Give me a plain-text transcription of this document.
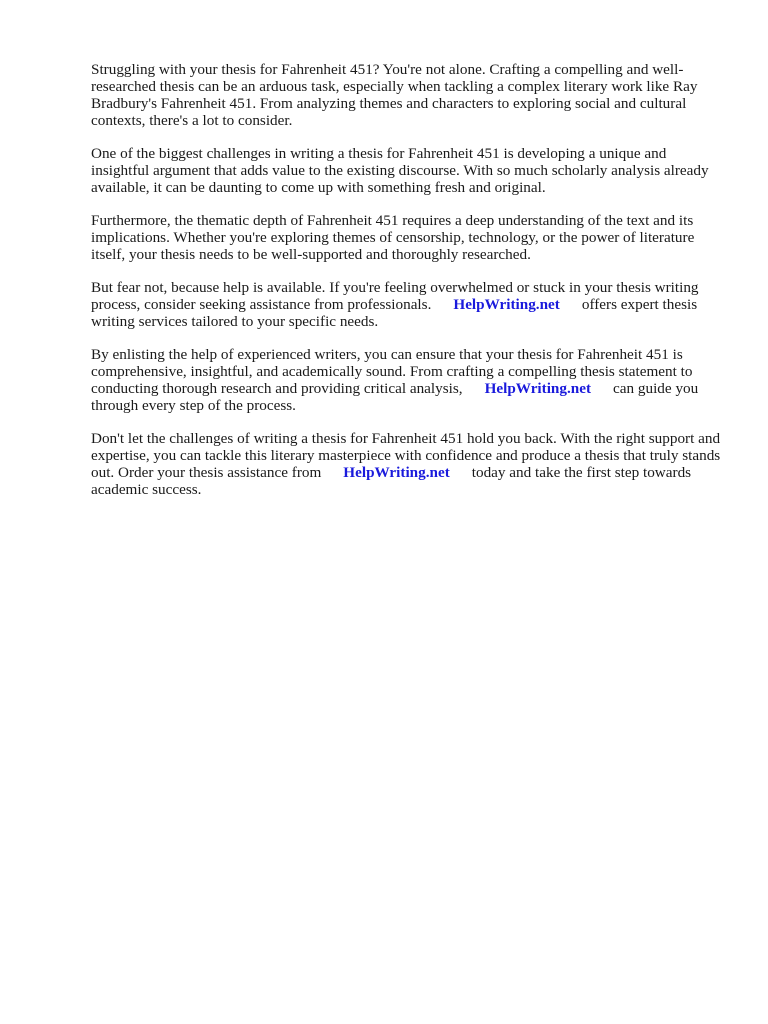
Struggling with your thesis for Fahrenheit 451? You're not alone. Crafting a compelling and well-researched thesis can be an arduous task, especially when tackling a complex literary work like Ray Bradbury's Fahrenheit 451. From analyzing themes and characters to exploring social and cultural contexts, there's a lot to consider.

One of the biggest challenges in writing a thesis for Fahrenheit 451 is developing a unique and insightful argument that adds value to the existing discourse. With so much scholarly analysis already available, it can be daunting to come up with something fresh and original.

Furthermore, the thematic depth of Fahrenheit 451 requires a deep understanding of the text and its implications. Whether you're exploring themes of censorship, technology, or the power of literature itself, your thesis needs to be well-supported and thoroughly researched.

But fear not, because help is available. If you're feeling overwhelmed or stuck in your thesis writing process, consider seeking assistance from professionals. HelpWriting.net offers expert thesis writing services tailored to your specific needs.

By enlisting the help of experienced writers, you can ensure that your thesis for Fahrenheit 451 is comprehensive, insightful, and academically sound. From crafting a compelling thesis statement to conducting thorough research and providing critical analysis, HelpWriting.net can guide you through every step of the process.

Don't let the challenges of writing a thesis for Fahrenheit 451 hold you back. With the right support and expertise, you can tackle this literary masterpiece with confidence and produce a thesis that truly stands out. Order your thesis assistance from HelpWriting.net today and take the first step towards academic success.
